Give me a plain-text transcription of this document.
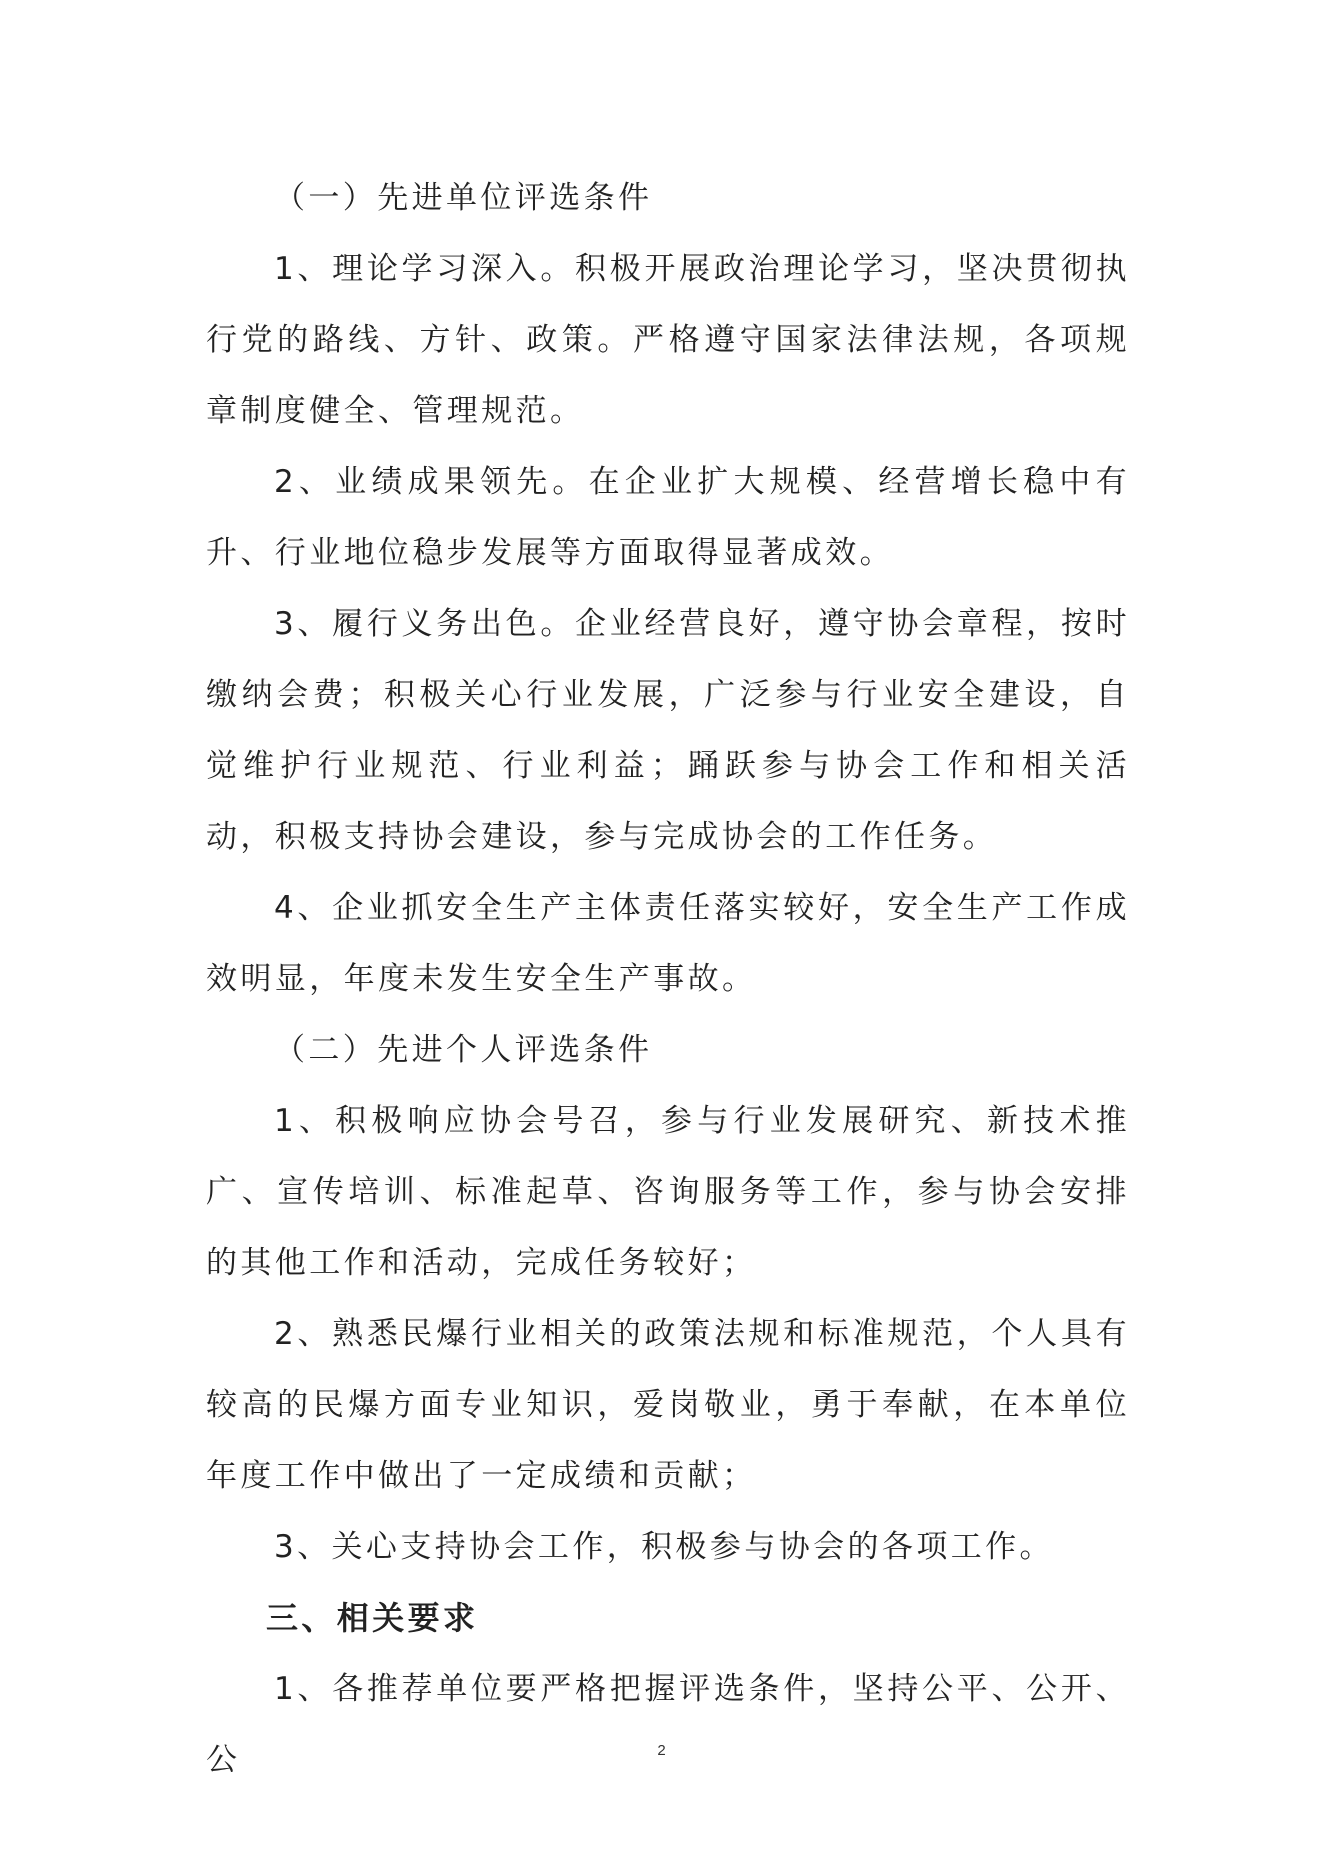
（一）先进单位评选条件

1、理论学习深入。积极开展政治理论学习，坚决贯彻执行党的路线、方针、政策。严格遵守国家法律法规，各项规章制度健全、管理规范。

2、业绩成果领先。在企业扩大规模、经营增长稳中有升、行业地位稳步发展等方面取得显著成效。

3、履行义务出色。企业经营良好，遵守协会章程，按时缴纳会费；积极关心行业发展，广泛参与行业安全建设，自觉维护行业规范、行业利益；踊跃参与协会工作和相关活动，积极支持协会建设，参与完成协会的工作任务。

4、企业抓安全生产主体责任落实较好，安全生产工作成效明显，年度未发生安全生产事故。

（二）先进个人评选条件

1、积极响应协会号召，参与行业发展研究、新技术推广、宣传培训、标准起草、咨询服务等工作，参与协会安排的其他工作和活动，完成任务较好；

2、熟悉民爆行业相关的政策法规和标准规范，个人具有较高的民爆方面专业知识，爱岗敬业，勇于奉献，在本单位年度工作中做出了一定成绩和贡献；

3、关心支持协会工作，积极参与协会的各项工作。

三、相关要求

1、各推荐单位要严格把握评选条件，坚持公平、公开、公	2
